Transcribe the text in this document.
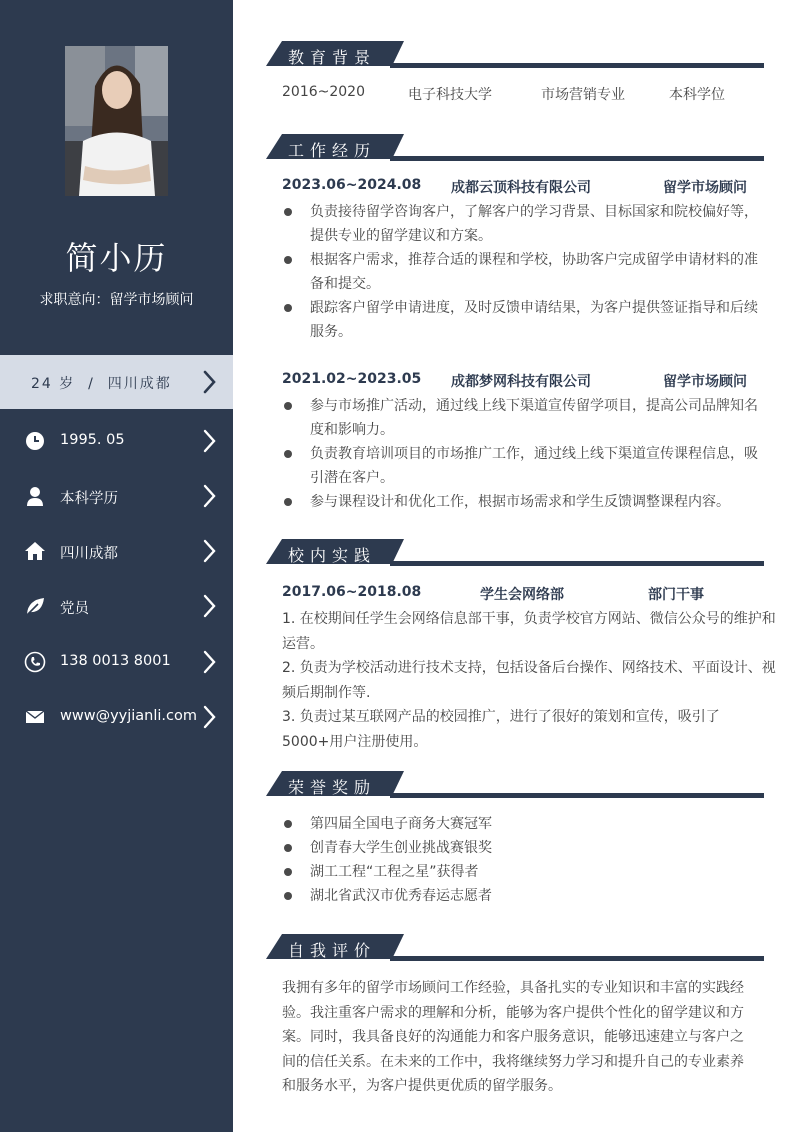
简小历
求职意向：留学市场顾问
24 岁  /  四川成都
1995. 05
本科学历
四川成都
党员
138 0013 8001
www@yyjianli.com
教育背景
2016~2020	电子科技大学	市场营销专业	本科学位
工作经历
2023.06~2024.08 成都云顶科技有限公司	留学市场顾问
负责接待留学咨询客户，了解客户的学习背景、目标国家和院校偏好等，提供专业的留学建议和方案。
根据客户需求，推荐合适的课程和学校，协助客户完成留学申请材料的准备和提交。
跟踪客户留学申请进度，及时反馈申请结果，为客户提供签证指导和后续服务。
2021.02~2023.05 成都梦网科技有限公司	留学市场顾问
参与市场推广活动，通过线上线下渠道宣传留学项目，提高公司品牌知名度和影响力。
负责教育培训项目的市场推广工作，通过线上线下渠道宣传课程信息，吸引潜在客户。
参与课程设计和优化工作，根据市场需求和学生反馈调整课程内容。
校内实践
2017.06~2018.08	学生会网络部	部门干事
1. 在校期间任学生会网络信息部干事，负责学校官方网站、微信公众号的维护和运营。
2. 负责为学校活动进行技术支持，包括设备后台操作、网络技术、平面设计、视频后期制作等.
3. 负责过某互联网产品的校园推广，进行了很好的策划和宣传，吸引了 5000+用户注册使用。
荣誉奖励
第四届全国电子商务大赛冠军
创青春大学生创业挑战赛银奖
湖工工程“工程之星”获得者
湖北省武汉市优秀春运志愿者
自我评价
我拥有多年的留学市场顾问工作经验，具备扎实的专业知识和丰富的实践经验。我注重客户需求的理解和分析，能够为客户提供个性化的留学建议和方案。同时，我具备良好的沟通能力和客户服务意识，能够迅速建立与客户之间的信任关系。在未来的工作中，我将继续努力学习和提升自己的专业素养和服务水平，为客户提供更优质的留学服务。
